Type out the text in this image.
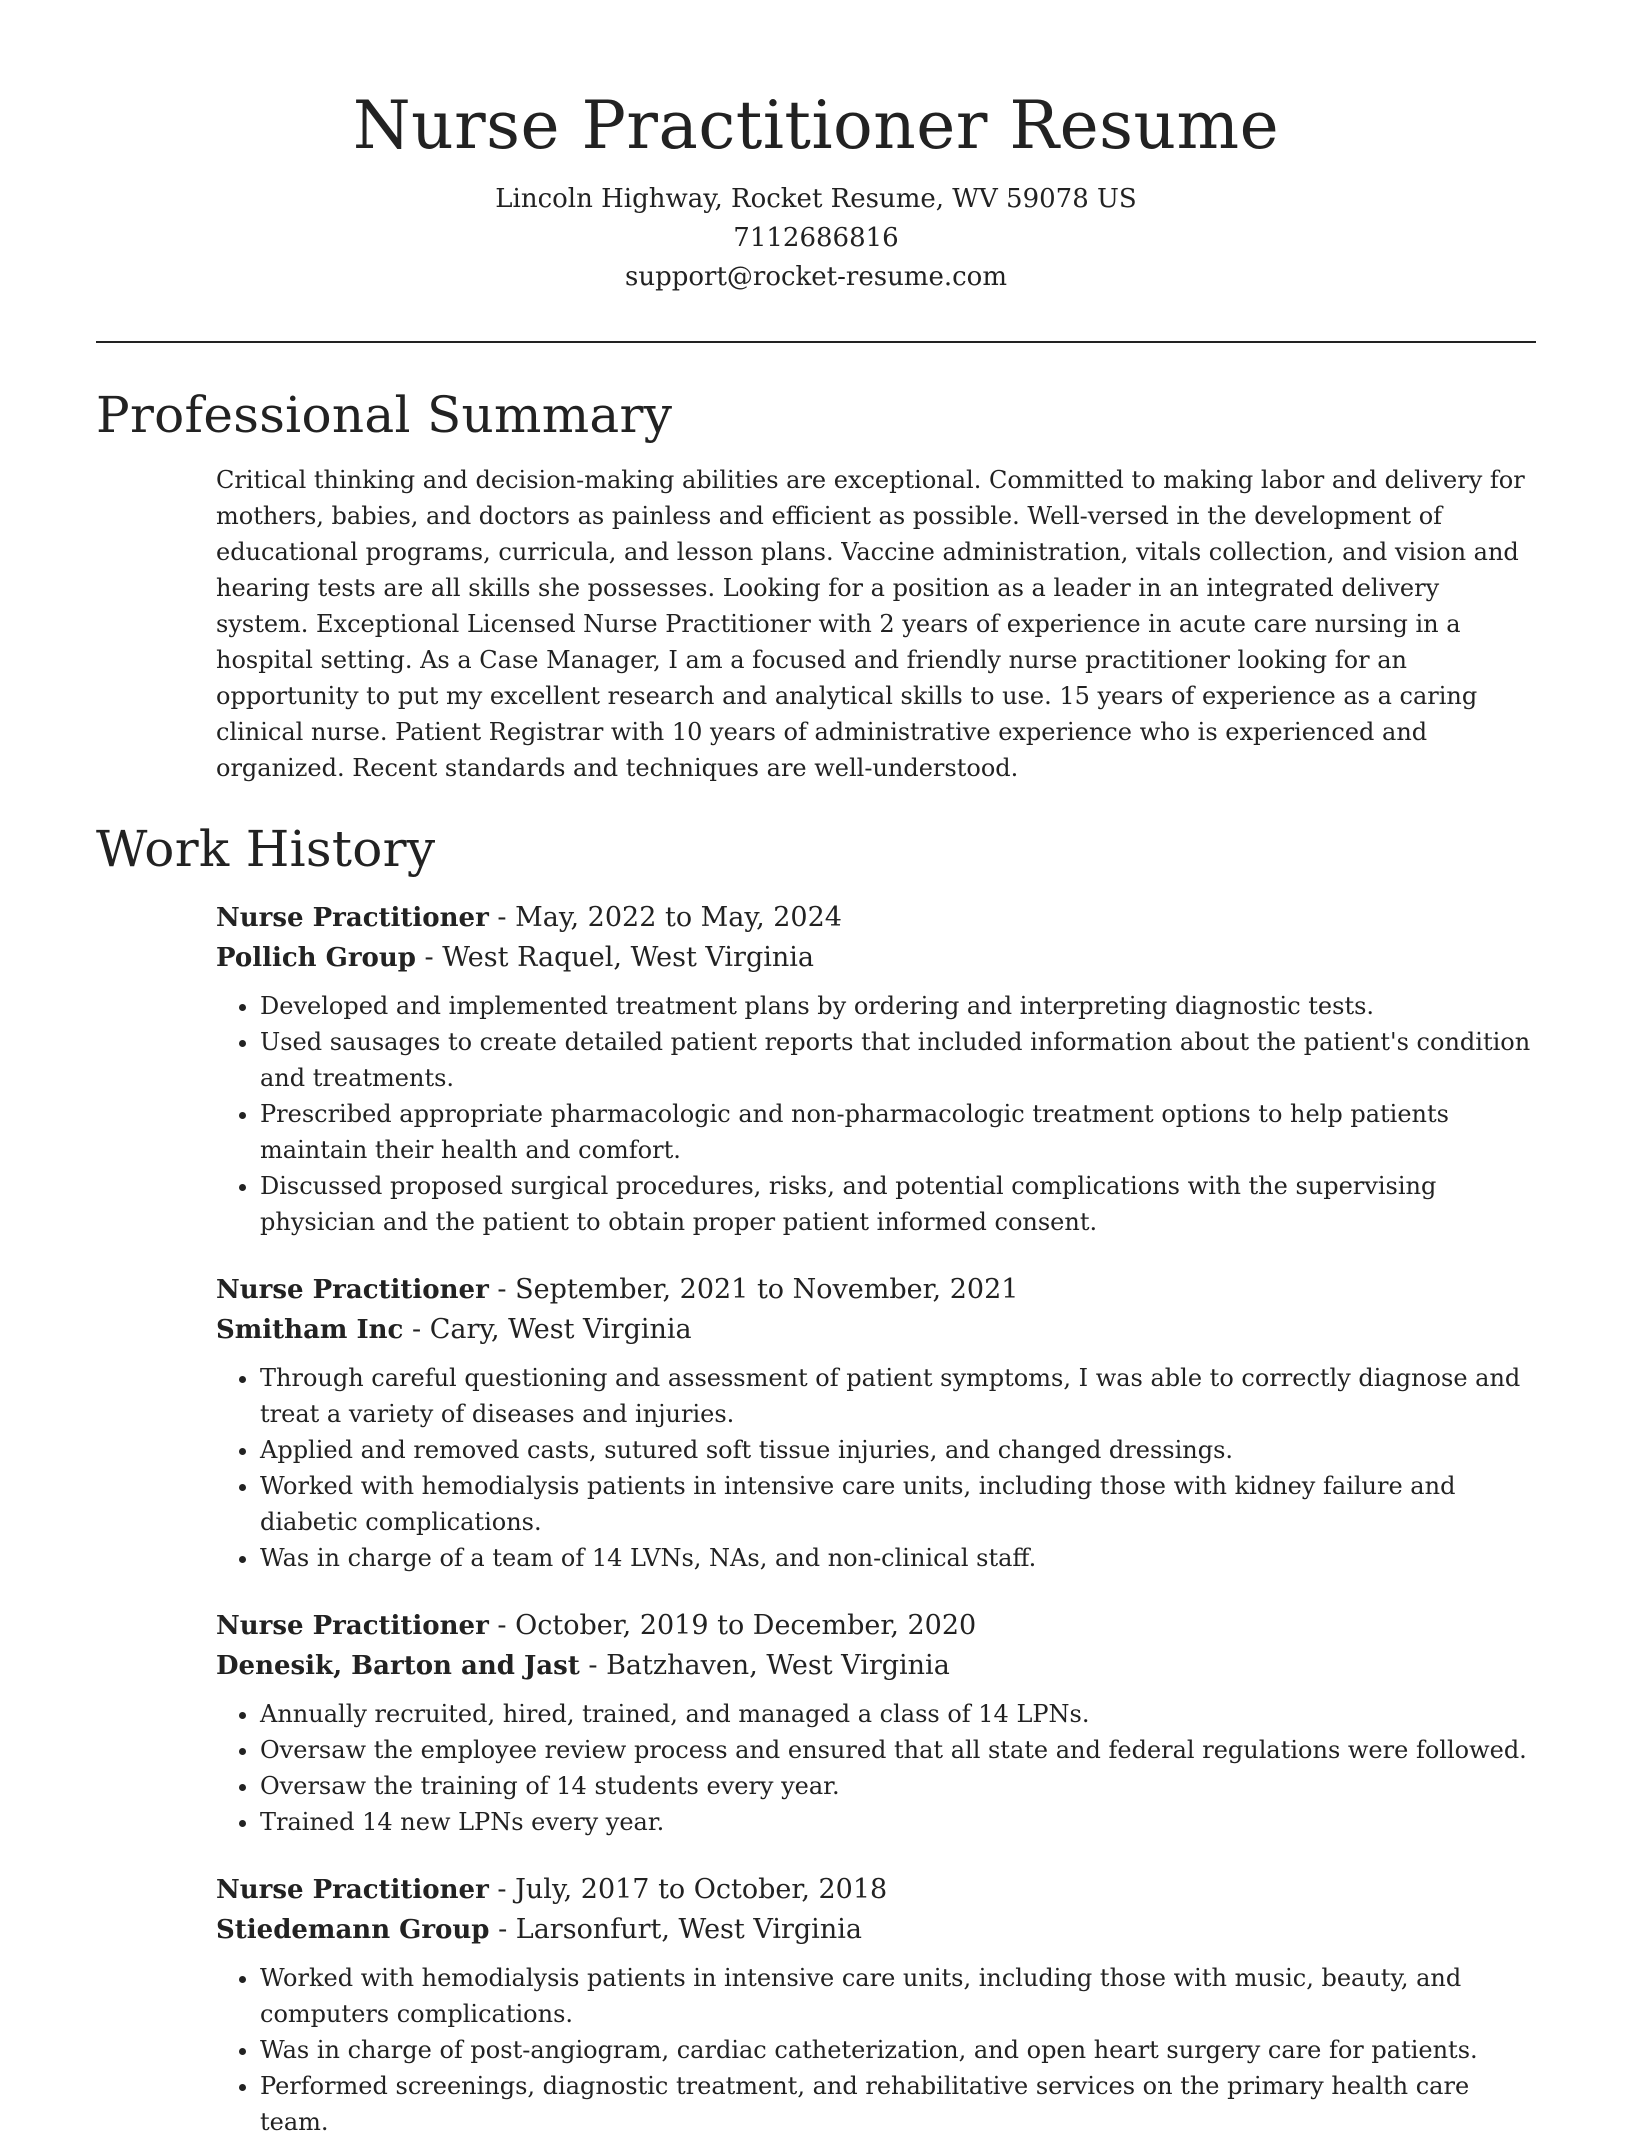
Nurse Practitioner Resume
Lincoln Highway, Rocket Resume, WV 59078 US
7112686816
support@rocket-resume.com
Professional Summary

Critical thinking and decision-making abilities are exceptional. Committed to making labor and delivery for mothers, babies, and doctors as painless and efficient as possible. Well-versed in the development of educational programs, curricula, and lesson plans. Vaccine administration, vitals collection, and vision and hearing tests are all skills she possesses. Looking for a position as a leader in an integrated delivery system. Exceptional Licensed Nurse Practitioner with 2 years of experience in acute care nursing in a hospital setting. As a Case Manager, I am a focused and friendly nurse practitioner looking for an opportunity to put my excellent research and analytical skills to use. 15 years of experience as a caring clinical nurse. Patient Registrar with 10 years of administrative experience who is experienced and organized. Recent standards and techniques are well-understood.

Work History
Nurse Practitioner - May, 2022 to May, 2024
Pollich Group - West Raquel, West Virginia
• Developed and implemented treatment plans by ordering and interpreting diagnostic tests.
• Used sausages to create detailed patient reports that included information about the patient's condition and treatments.
• Prescribed appropriate pharmacologic and non-pharmacologic treatment options to help patients maintain their health and comfort.
• Discussed proposed surgical procedures, risks, and potential complications with the supervising physician and the patient to obtain proper patient informed consent.
Nurse Practitioner - September, 2021 to November, 2021
Smitham Inc - Cary, West Virginia
• Through careful questioning and assessment of patient symptoms, I was able to correctly diagnose and treat a variety of diseases and injuries.
• Applied and removed casts, sutured soft tissue injuries, and changed dressings.
• Worked with hemodialysis patients in intensive care units, including those with kidney failure and diabetic complications.
• Was in charge of a team of 14 LVNs, NAs, and non-clinical staff.
Nurse Practitioner - October, 2019 to December, 2020
Denesik, Barton and Jast - Batzhaven, West Virginia
• Annually recruited, hired, trained, and managed a class of 14 LPNs.
• Oversaw the employee review process and ensured that all state and federal regulations were followed.
• Oversaw the training of 14 students every year.
• Trained 14 new LPNs every year.
Nurse Practitioner - July, 2017 to October, 2018
Stiedemann Group - Larsonfurt, West Virginia
• Worked with hemodialysis patients in intensive care units, including those with music, beauty, and computers complications.
• Was in charge of post-angiogram, cardiac catheterization, and open heart surgery care for patients.
• Performed screenings, diagnostic treatment, and rehabilitative services on the primary health care team.
